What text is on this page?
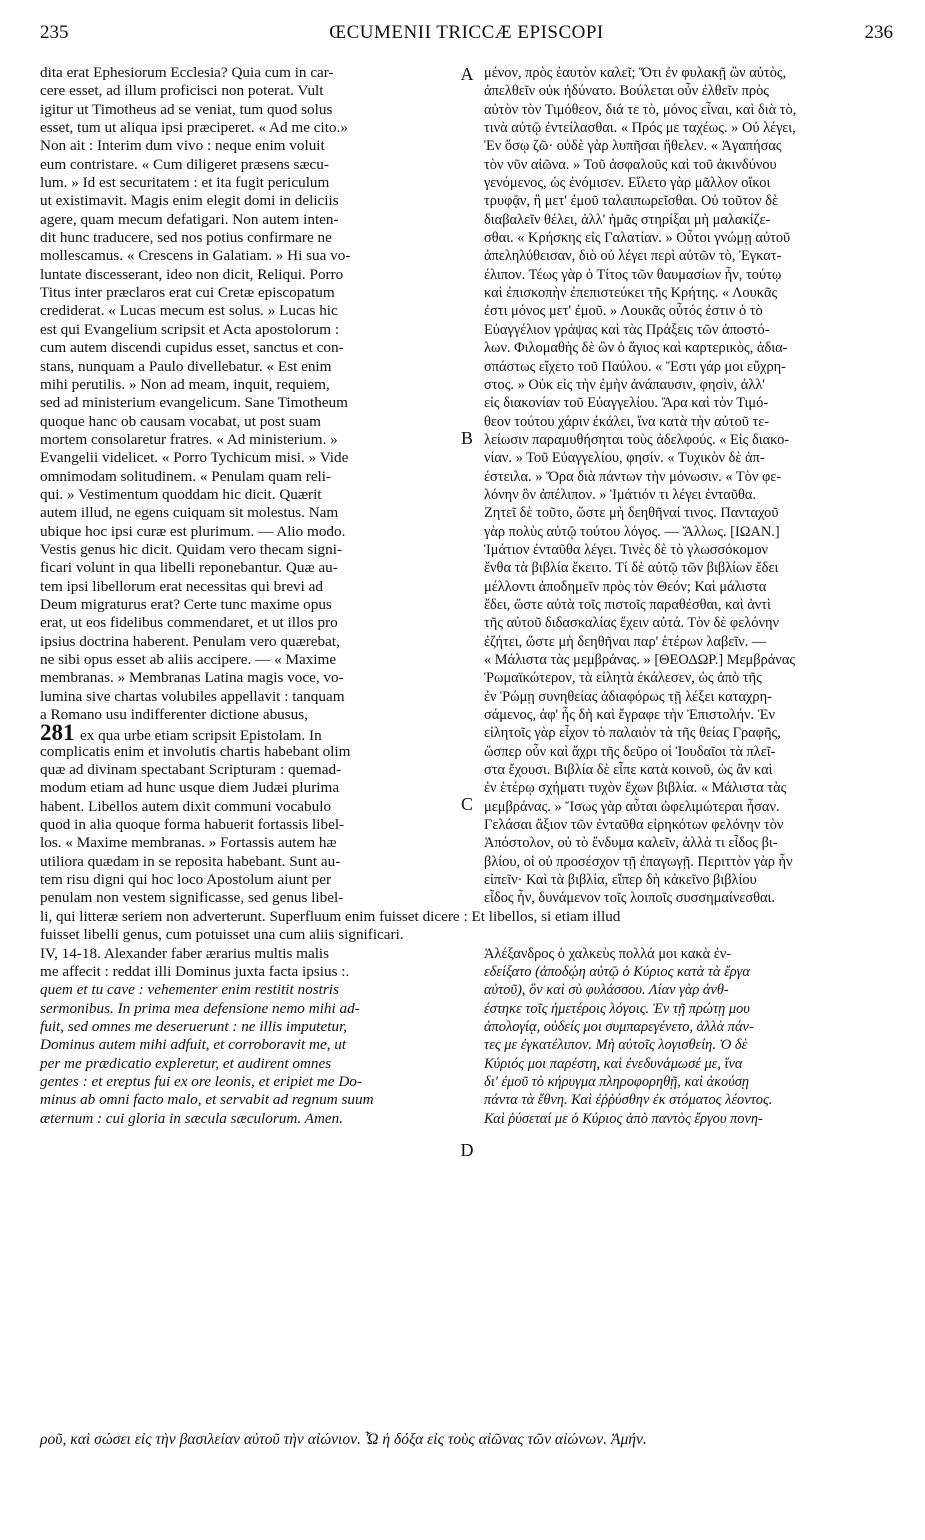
235	ŒCUMENII TRICCÆ EPISCOPI	236
A
B
C
D
dita erat Ephesiorum Ecclesia? Quia cum in car-
cere esset, ad illum proficisci non poterat. Vult
igitur ut Timotheus ad se veniat, tum quod solus
esset, tum ut aliqua ipsi præciperet. « Ad me cito.»
Non ait : Interim dum vivo : neque enim voluit
eum contristare. « Cum diligeret præsens sæcu-
lum. » Id est securitatem : et ita fugit periculum
ut existimavit. Magis enim elegit domi in deliciis
agere, quam mecum defatigari. Non autem inten-
dit hunc traducere, sed nos potius confirmare ne
mollescamus. « Crescens in Galatiam. » Hi sua vo-
luntate discesserant, ideo non dicit, Reliqui. Porro
Titus inter præclaros erat cui Cretæ episcopatum
crediderat. « Lucas mecum est solus. » Lucas hic
est qui Evangelium scripsit et Acta apostolorum :
cum autem discendi cupidus esset, sanctus et con-
stans, nunquam a Paulo divellebatur. « Est enim
mihi perutilis. » Non ad meam, inquit, requiem,
sed ad ministerium evangelicum. Sane Timotheum
quoque hanc ob causam vocabat, ut post suam
mortem consolaretur fratres. « Ad ministerium. »
Evangelii videlicet. « Porro Tychicum misi. » Vide
omnimodam solitudinem. « Penulam quam reli-
qui. » Vestimentum quoddam hic dicit. Quærit
autem illud, ne egens cuiquam sit molestus. Nam
ubique hoc ipsi curæ est plurimum. — Alio modo.
Vestis genus hic dicit. Quidam vero thecam signi-
ficari volunt in qua libelli reponebantur. Quæ au-
tem ipsi libellorum erat necessitas qui brevi ad
Deum migraturus erat? Certe tunc maxime opus
erat, ut eos fidelibus commendaret, et ut illos pro
ipsius doctrina haberent. Penulam vero quærebat,
ne sibi opus esset ab aliis accipere. — « Maxime
membranas. » Membranas Latina magis voce, vo-
lumina sive chartas volubiles appellavit : tanquam
a Romano usu indifferenter dictione abusus,
281 ex qua urbe etiam scripsit Epistolam. In
complicatis enim et involutis chartis habebant olim
quæ ad divinam spectabant Scripturam : quemad-
modum etiam ad hunc usque diem Judæi plurima
habent. Libellos autem dixit communi vocabulo
quod in alia quoque forma habuerit fortassis libel-
los. « Maxime membranas. » Fortassis autem hæ
utiliora quædam in se reposita habebant. Sunt au-
tem risu digni qui hoc loco Apostolum aiunt per
penulam non vestem significasse, sed genus libel-
li, qui litteræ seriem non adverterunt. Superfluum enim fuisset dicere : Et libellos, si etiam illud
fuisset libelli genus, cum potuisset una cum aliis significari.
IV, 14-18. Alexander faber ærarius multis malis
me affecit : reddat illi Dominus juxta facta ipsius :.
quem et tu cave : vehementer enim restitit nostris
sermonibus. In prima mea defensione nemo mihi ad-
fuit, sed omnes me deseruerunt : ne illis imputetur,
Dominus autem mihi adfuit, et corroboravit me, ut
per me prædicatio expleretur, et audirent omnes
gentes : et ereptus fui ex ore leonis, et eripiet me Do-
minus ab omni facto malo, et servabit ad regnum suum
æternum : cui gloria in sæcula sæculorum. Amen.
μένον, πρὸς ἑαυτὸν καλεῖ; Ὅτι ἐν φυλακῇ ὢν αὐτὸς,
ἀπελθεῖν οὐκ ἠδύνατο. Βούλεται οὖν ἐλθεῖν πρὸς
αὐτὸν τὸν Τιμόθεον, διά τε τὸ, μόνος εἶναι, καὶ διὰ τὸ,
τινὰ αὐτῷ ἐντείλασθαι. « Πρός με ταχέως. » Οὐ λέγει,
Ἐν ὅσῳ ζῶ· οὐδὲ γὰρ λυπῆσαι ἤθελεν. « Ἀγαπήσας
τὸν νῦν αἰῶνα. » Τοῦ ἀσφαλοῦς καὶ τοῦ ἀκινδύνου
γενόμενος, ὡς ἐνόμισεν. Εἵλετο γὰρ μᾶλλον οἴκοι
τρυφᾷν, ἢ μετ' ἐμοῦ ταλαιπωρεῖσθαι. Οὐ τοῦτον δὲ
διαβαλεῖν θέλει, ἀλλ' ἡμᾶς στηρίξαι μὴ μαλακίζε-
σθαι. « Κρήσκης εἰς Γαλατίαν. » Οὗτοι γνώμῃ αὐτοῦ
ἀπεληλύθεισαν, διὸ οὐ λέγει περὶ αὐτῶν τὸ, Ἐγκατ-
έλιπον. Τέως γὰρ ὁ Τίτος τῶν θαυμασίων ἦν, τούτῳ
καὶ ἐπισκοπὴν ἐπεπιστεύκει τῆς Κρήτης. « Λουκᾶς
ἐστι μόνος μετ' ἐμοῦ. » Λουκᾶς οὗτός ἐστιν ὁ τὸ
Εὐαγγέλιον γράψας καὶ τὰς Πράξεις τῶν ἀποστό-
λων. Φιλομαθὴς δὲ ὢν ὁ ἅγιος καὶ καρτερικὸς, ἀδια-
σπάστως εἴχετο τοῦ Παύλου. « Ἔστι γάρ μοι εὔχρη-
στος. » Οὐκ εἰς τὴν ἐμὴν ἀνάπαυσιν, φησὶν, ἀλλ'
εἰς διακονίαν τοῦ Εὐαγγελίου. Ἄρα καὶ τὸν Τιμό-
θεον τούτου χάριν ἐκάλει, ἵνα κατὰ τὴν αὐτοῦ τε-
λείωσιν παραμυθήσηται τοὺς ἀδελφούς. « Εἰς διακο-
νίαν. » Τοῦ Εὐαγγελίου, φησίν. « Τυχικὸν δὲ ἀπ-
έστειλα. » Ὅρα διὰ πάντων τὴν μόνωσιν. « Τὸν φε-
λόνην ὃν ἀπέλιπον. » Ἱμάτιόν τι λέγει ἐνταῦθα.
Ζητεῖ δὲ τοῦτο, ὥστε μὴ δεηθῆναί τινος. Πανταχοῦ
γὰρ πολὺς αὐτῷ τούτου λόγος. — Ἄλλως. [ΙΩΑΝ.]
Ἱμάτιον ἐνταῦθα λέγει. Τινὲς δὲ τὸ γλωσσόκομον
ἔνθα τὰ βιβλία ἔκειτο. Τί δὲ αὐτῷ τῶν βιβλίων ἔδει
μέλλοντι ἀποδημεῖν πρὸς τὸν Θεόν; Καὶ μάλιστα
ἔδει, ὥστε αὐτὰ τοῖς πιστοῖς παραθέσθαι, καὶ ἀντὶ
τῆς αὐτοῦ διδασκαλίας ἔχειν αὐτά. Τὸν δὲ φελόνην
ἐζήτει, ὥστε μὴ δεηθῆναι παρ' ἑτέρων λαβεῖν. —
« Μάλιστα τὰς μεμβράνας. » [ΘΕΟΔΩΡ.] Μεμβράνας
Ῥωμαϊκώτερον, τὰ εἰλητὰ ἐκάλεσεν, ὡς ἀπὸ τῆς
ἐν Ῥώμῃ συνηθείας ἀδιαφόρως τῇ λέξει καταχρη-
σάμενος, ἀφ' ἧς δὴ καὶ ἔγραφε τὴν Ἐπιστολήν. Ἐν
εἰλητοῖς γὰρ εἶχον τὸ παλαιὸν τὰ τῆς θείας Γραφῆς,
ὥσπερ οὖν καὶ ἄχρι τῆς δεῦρο οἱ Ἰουδαῖοι τὰ πλεῖ-
στα ἔχουσι. Βιβλία δὲ εἶπε κατὰ κοινοῦ, ὡς ἂν καὶ
ἐν ἑτέρῳ σχήματι τυχὸν ἔχων βιβλία. « Μάλιστα τὰς
μεμβράνας. » Ἴσως γὰρ αὗται ὠφελιμώτεραι ἦσαν.
Γελάσαι ἄξιον τῶν ἐνταῦθα εἰρηκότων φελόνην τὸν
Ἀπόστολον, οὐ τὸ ἔνδυμα καλεῖν, ἀλλὰ τι εἶδος βι-
βλίου, οἱ οὐ προσέσχον τῇ ἐπαγωγῇ. Περιττὸν γὰρ ἦν
εἰπεῖν· Καὶ τὰ βιβλία, εἴπερ δὴ κἀκεῖνο βιβλίου
εἶδος ἦν, δυνάμενον τοῖς λοιποῖς συσσημαίνεσθαι.
Ἀλέξανδρος ὁ χαλκεὺς πολλά μοι κακὰ ἐν-
εδείξατο (ἀποδῴη αὐτῷ ὁ Κύριος κατὰ τὰ ἔργα
αὐτοῦ), ὃν καὶ σὺ φυλάσσου. Λίαν γὰρ ἀνθ-
έστηκε τοῖς ἡμετέροις λόγοις. Ἐν τῇ πρώτῃ μου
ἀπολογίᾳ, οὐδείς μοι συμπαρεγένετο, ἀλλὰ πάν-
τες με ἐγκατέλιπον. Μὴ αὐτοῖς λογισθείη. Ὁ δὲ
Κύριός μοι παρέστη, καὶ ἐνεδυνάμωσέ με, ἵνα
δι' ἐμοῦ τὸ κήρυγμα πληροφορηθῇ, καὶ ἀκούσῃ
πάντα τὰ ἔθνη. Καὶ ἐῤῥύσθην ἐκ στόματος λέοντος.
Καὶ ῥύσεταί με ὁ Κύριος ἀπὸ παντὸς ἔργου πονη-
ροῦ, καὶ σώσει εἰς τὴν βασιλείαν αὐτοῦ τὴν αἰώνιον. Ὧ ἡ δόξα εἰς τοὺς αἰῶνας τῶν αἰώνων. Ἀμήν.
